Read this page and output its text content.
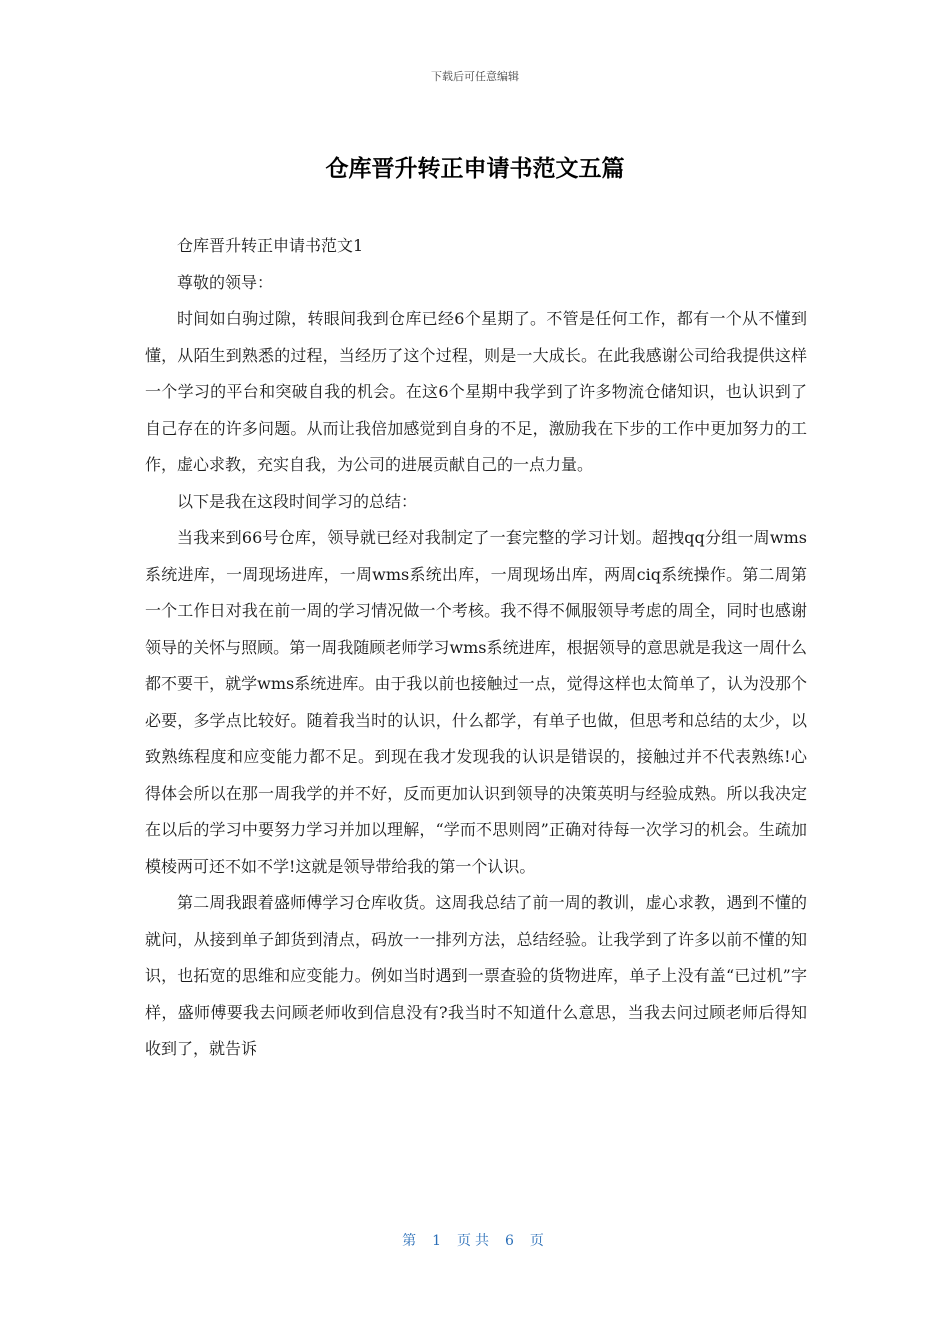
下载后可任意编辑
仓库晋升转正申请书范文五篇

仓库晋升转正申请书范文1

尊敬的领导：

时间如白驹过隙，转眼间我到仓库已经6个星期了。不管是任何工作，都有一个从不懂到懂，从陌生到熟悉的过程，当经历了这个过程，则是一大成长。在此我感谢公司给我提供这样一个学习的平台和突破自我的机会。在这6个星期中我学到了许多物流仓储知识，也认识到了自己存在的许多问题。从而让我倍加感觉到自身的不足，激励我在下步的工作中更加努力的工作，虚心求教，充实自我，为公司的进展贡献自己的一点力量。

以下是我在这段时间学习的总结：

当我来到66号仓库，领导就已经对我制定了一套完整的学习计划。超拽qq分组一周wms系统进库，一周现场进库，一周wms系统出库，一周现场出库，两周ciq系统操作。第二周第一个工作日对我在前一周的学习情况做一个考核。我不得不佩服领导考虑的周全，同时也感谢领导的关怀与照顾。第一周我随顾老师学习wms系统进库，根据领导的意思就是我这一周什么都不要干，就学wms系统进库。由于我以前也接触过一点，觉得这样也太简单了，认为没那个必要，多学点比较好。随着我当时的认识，什么都学，有单子也做，但思考和总结的太少，以致熟练程度和应变能力都不足。到现在我才发现我的认识是错误的，接触过并不代表熟练!心得体会所以在那一周我学的并不好，反而更加认识到领导的决策英明与经验成熟。所以我决定在以后的学习中要努力学习并加以理解，“学而不思则罔”正确对待每一次学习的机会。生疏加模棱两可还不如不学!这就是领导带给我的第一个认识。

第二周我跟着盛师傅学习仓库收货。这周我总结了前一周的教训，虚心求教，遇到不懂的就问，从接到单子卸货到清点，码放一一排列方法，总结经验。让我学到了许多以前不懂的知识，也拓宽的思维和应变能力。例如当时遇到一票查验的货物进库，单子上没有盖“已过机”字样，盛师傅要我去问顾老师收到信息没有?我当时不知道什么意思，当我去问过顾老师后得知收到了，就告诉

第 1 页共 6 页
